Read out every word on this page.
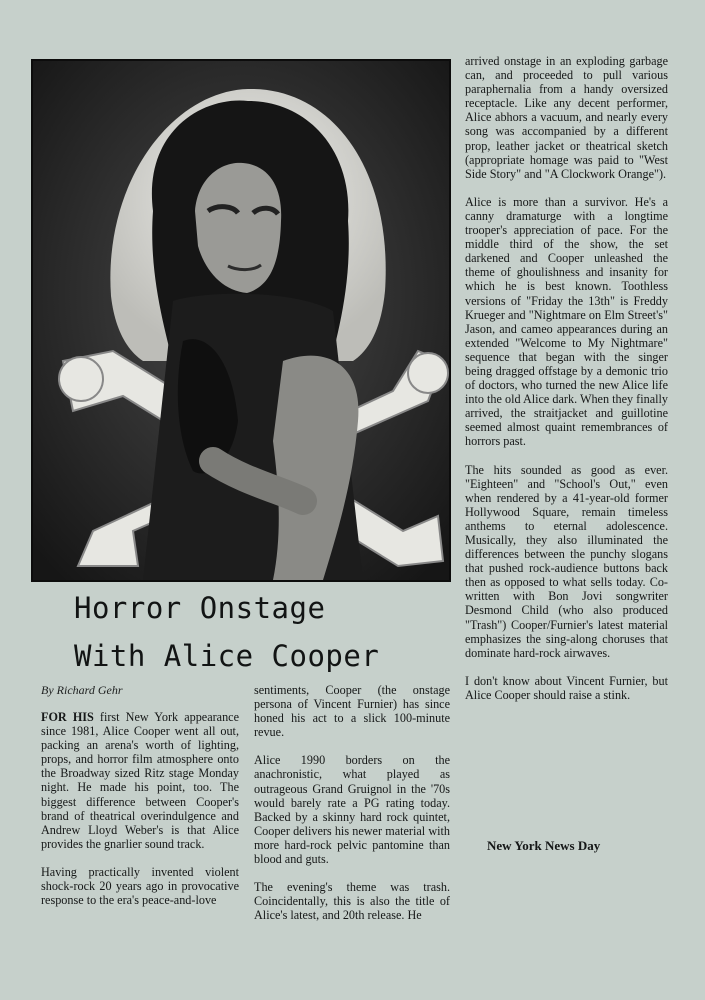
Horror Onstage
With Alice Cooper
By Richard Gehr

FOR HIS first New York appearance since 1981, Alice Cooper went all out, packing an arena's worth of lighting, props, and horror film atmosphere onto the Broadway sized Ritz stage Monday night. He made his point, too. The biggest difference between Cooper's brand of theatrical overindulgence and Andrew Lloyd Weber's is that Alice provides the gnarlier sound track.

Having practically invented violent shock-rock 20 years ago in provocative response to the era's peace-and-love

sentiments, Cooper (the onstage persona of Vincent Furnier) has since honed his act to a slick 100-minute revue.

Alice 1990 borders on the anachronistic, what played as outrageous Grand Gruignol in the '70s would barely rate a PG rating today. Backed by a skinny hard rock quintet, Cooper delivers his newer material with more hard-rock pelvic pantomine than blood and guts.

The evening's theme was trash. Coincidentally, this is also the title of Alice's latest, and 20th release. He

arrived onstage in an exploding garbage can, and proceeded to pull various paraphernalia from a handy oversized receptacle. Like any decent performer, Alice abhors a vacuum, and nearly every song was accompanied by a different prop, leather jacket or theatrical sketch (appropriate homage was paid to "West Side Story" and "A Clockwork Orange").

Alice is more than a survivor. He's a canny dramaturge with a longtime trooper's appreciation of pace. For the middle third of the show, the set darkened and Cooper unleashed the theme of ghoulishness and insanity for which he is best known. Toothless versions of "Friday the 13th" is Freddy Krueger and "Nightmare on Elm Street's" Jason, and cameo appearances during an extended "Welcome to My Nightmare" sequence that began with the singer being dragged offstage by a demonic trio of doctors, who turned the new Alice life into the old Alice dark. When they finally arrived, the straitjacket and guillotine seemed almost quaint remembrances of horrors past.

The hits sounded as good as ever. "Eighteen" and "School's Out," even when rendered by a 41-year-old former Hollywood Square, remain timeless anthems to eternal adolescence. Musically, they also illuminated the differences between the punchy slogans that pushed rock-audience buttons back then as opposed to what sells today. Co-written with Bon Jovi songwriter Desmond Child (who also produced "Trash") Cooper/Furnier's latest material emphasizes the sing-along choruses that dominate hard-rock airwaves.

I don't know about Vincent Furnier, but Alice Cooper should raise a stink.

New York News Day
